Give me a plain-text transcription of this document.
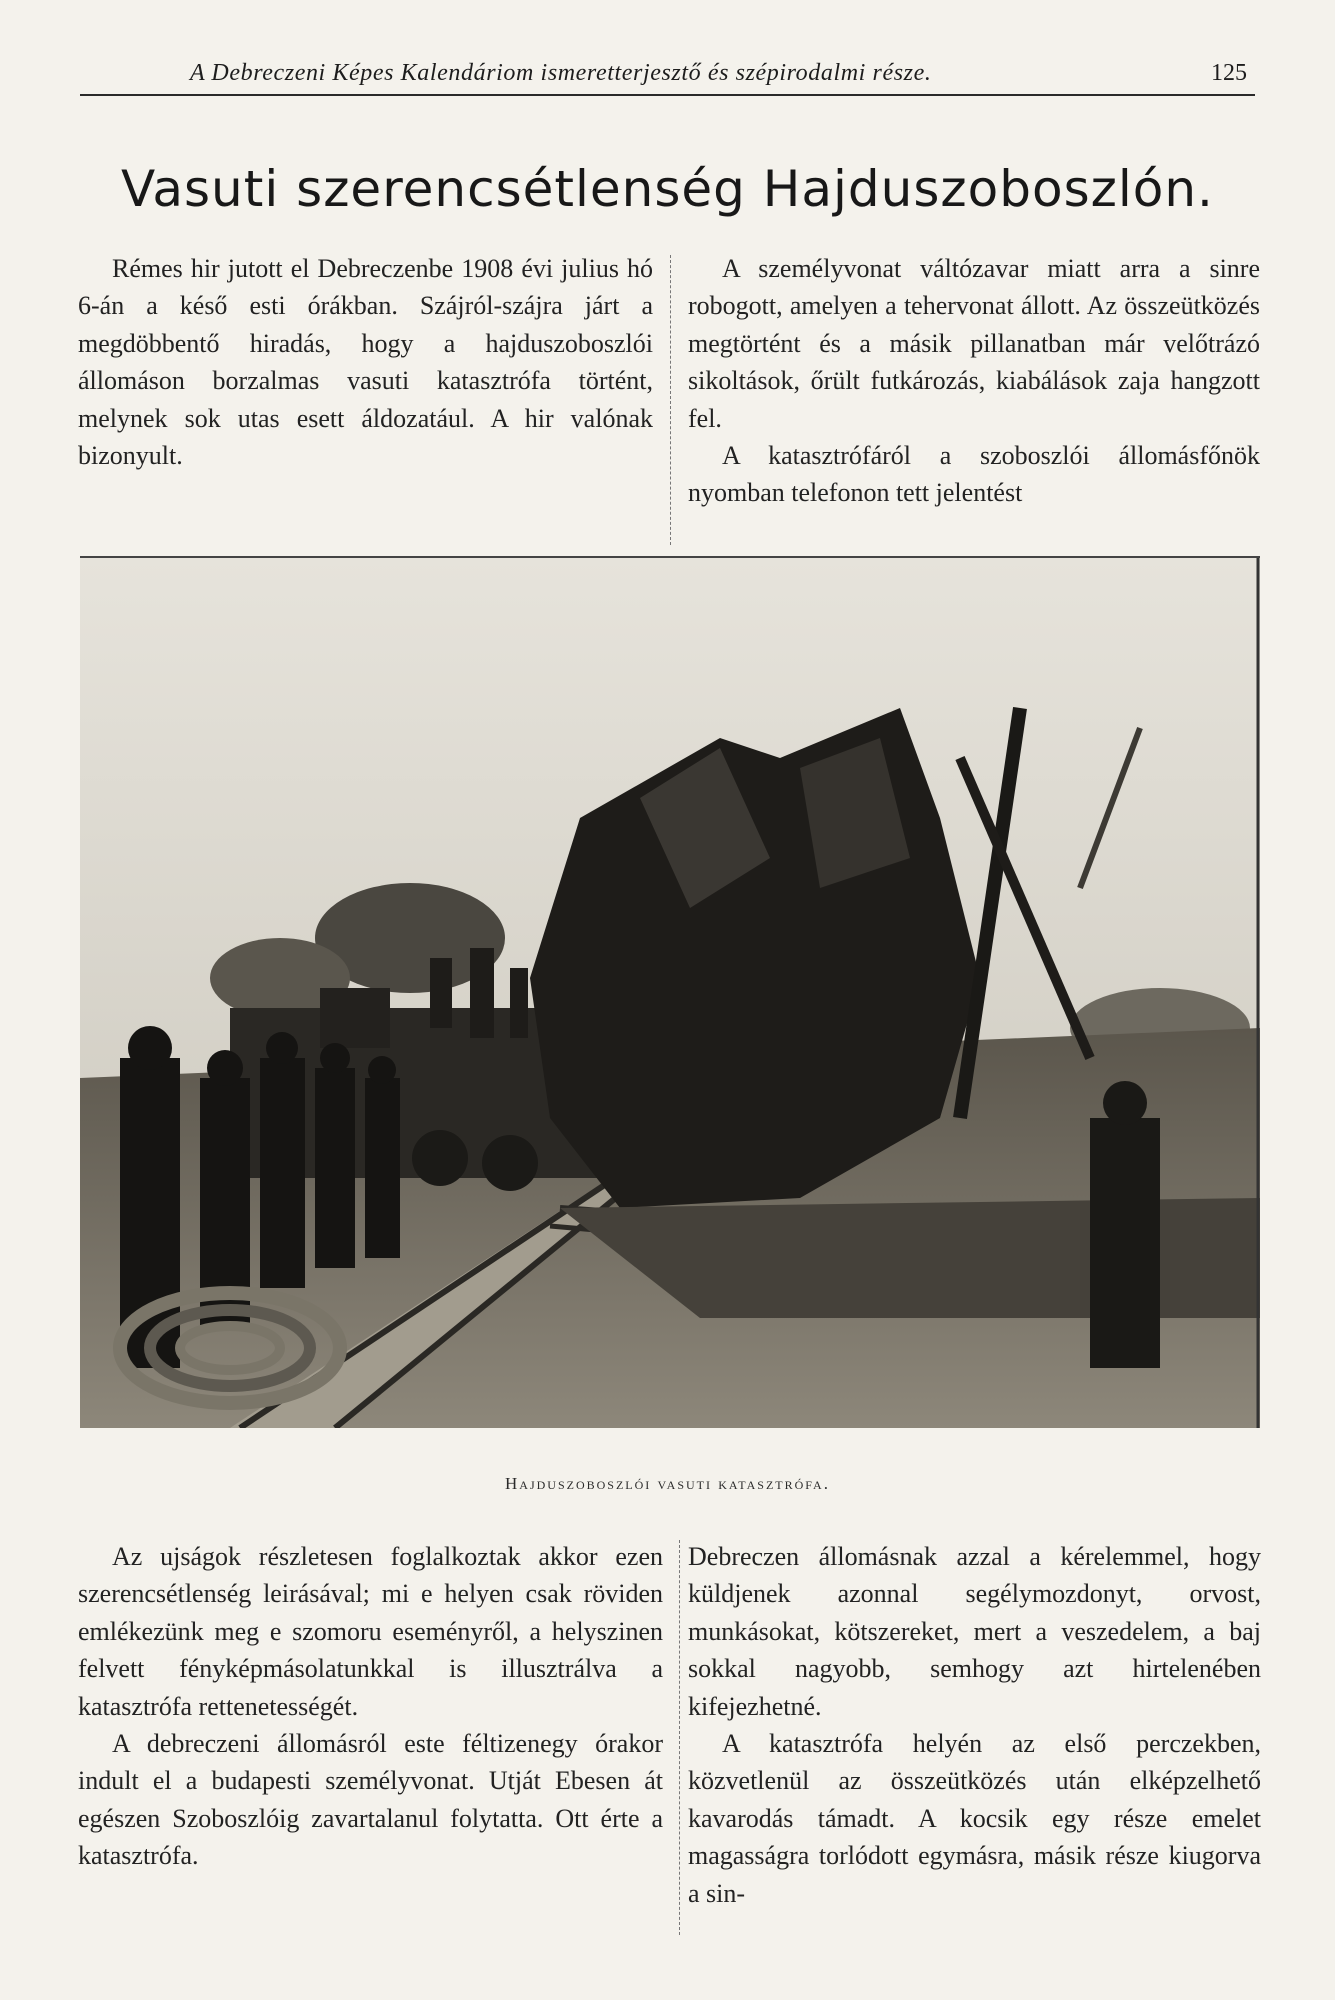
A Debreczeni Képes Kalendáriom ismeretterjesztő és szépirodalmi része.	125
Vasuti szerencsétlenség Hajduszoboszlón.

Rémes hir jutott el Debreczenbe 1908 évi julius hó 6-án a késő esti órákban. Szájról-szájra járt a megdöbbentő hiradás, hogy a hajduszoboszlói állomáson borzalmas vasuti katasztrófa történt, melynek sok utas esett áldozatául. A hir valónak bizonyult.

A személyvonat váltózavar miatt arra a sinre robogott, amelyen a tehervonat állott. Az összeütközés megtörtént és a másik pillanatban már velőtrázó sikoltások, őrült futkározás, kiabálások zaja hangzott fel.

A katasztrófáról a szoboszlói állomásfőnök nyomban telefonon tett jelentést

Hajduszoboszlói vasuti katasztrófa.

Az ujságok részletesen foglalkoztak akkor ezen szerencsétlenség leirásával; mi e helyen csak röviden emlékezünk meg e szomoru eseményről, a helyszinen felvett fényképmásolatunkkal is illusztrálva a katasztrófa rettenetességét.

A debreczeni állomásról este féltizenegy órakor indult el a budapesti személyvonat. Utját Ebesen át egészen Szoboszlóig zavartalanul folytatta. Ott érte a katasztrófa.

Debreczen állomásnak azzal a kérelemmel, hogy küldjenek azonnal segélymozdonyt, orvost, munkásokat, kötszereket, mert a veszedelem, a baj sokkal nagyobb, semhogy azt hirtelenében kifejezhetné.

A katasztrófa helyén az első perczekben, közvetlenül az összeütközés után elképzelhető kavarodás támadt. A kocsik egy része emelet magasságra torlódott egymásra, másik része kiugorva a sin-
